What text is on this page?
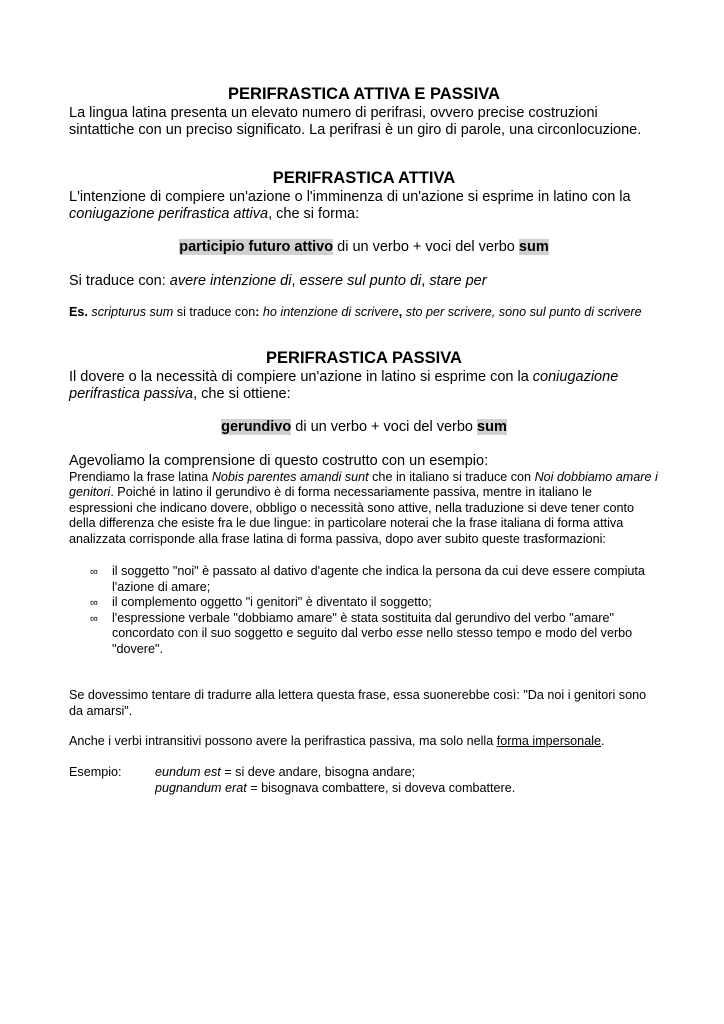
PERIFRASTICA ATTIVA E PASSIVA

La lingua latina presenta un elevato numero di perifrasi, ovvero precise costruzioni sintattiche con un preciso significato. La perifrasi è un giro di parole, una circonlocuzione.

PERIFRASTICA ATTIVA

L'intenzione di compiere un'azione o l'imminenza di un'azione si esprime in latino con la coniugazione perifrastica attiva, che si forma:

participio futuro attivo di un verbo + voci del verbo sum

Si traduce con: avere intenzione di, essere sul punto di, stare per

Es. scripturus sum si traduce con: ho intenzione di scrivere, sto per scrivere, sono sul punto di scrivere

PERIFRASTICA PASSIVA

Il dovere o la necessità di compiere un'azione in latino si esprime con la coniugazione perifrastica passiva, che si ottiene:

gerundivo di un verbo + voci del verbo sum

Agevoliamo la comprensione di questo costrutto con un esempio:

Prendiamo la frase latina Nobis parentes amandi sunt che in italiano si traduce con Noi dobbiamo amare i genitori. Poiché in latino il gerundivo è di forma necessariamente passiva, mentre in italiano le espressioni che indicano dovere, obbligo o necessità sono attive, nella traduzione si deve tener conto della differenza che esiste fra le due lingue: in particolare noterai che la frase italiana di forma attiva analizzata corrisponde alla frase latina di forma passiva, dopo aver subito queste trasformazioni:

∞ il soggetto "noi" è passato al dativo d'agente che indica la persona da cui deve essere compiuta l'azione di amare;
∞ il complemento oggetto "i genitori" è diventato il soggetto;
∞ l'espressione verbale "dobbiamo amare" è stata sostituita dal gerundivo del verbo "amare" concordato con il suo soggetto e seguito dal verbo esse nello stesso tempo e modo del verbo "dovere".

Se dovessimo tentare di tradurre alla lettera questa frase, essa suonerebbe così: "Da noi i genitori sono da amarsi".

Anche i verbi intransitivi possono avere la perifrastica passiva, ma solo nella forma impersonale.

Esempio:	eundum est = si deve andare, bisogna andare;
pugnandum erat = bisognava combattere, si doveva combattere.
